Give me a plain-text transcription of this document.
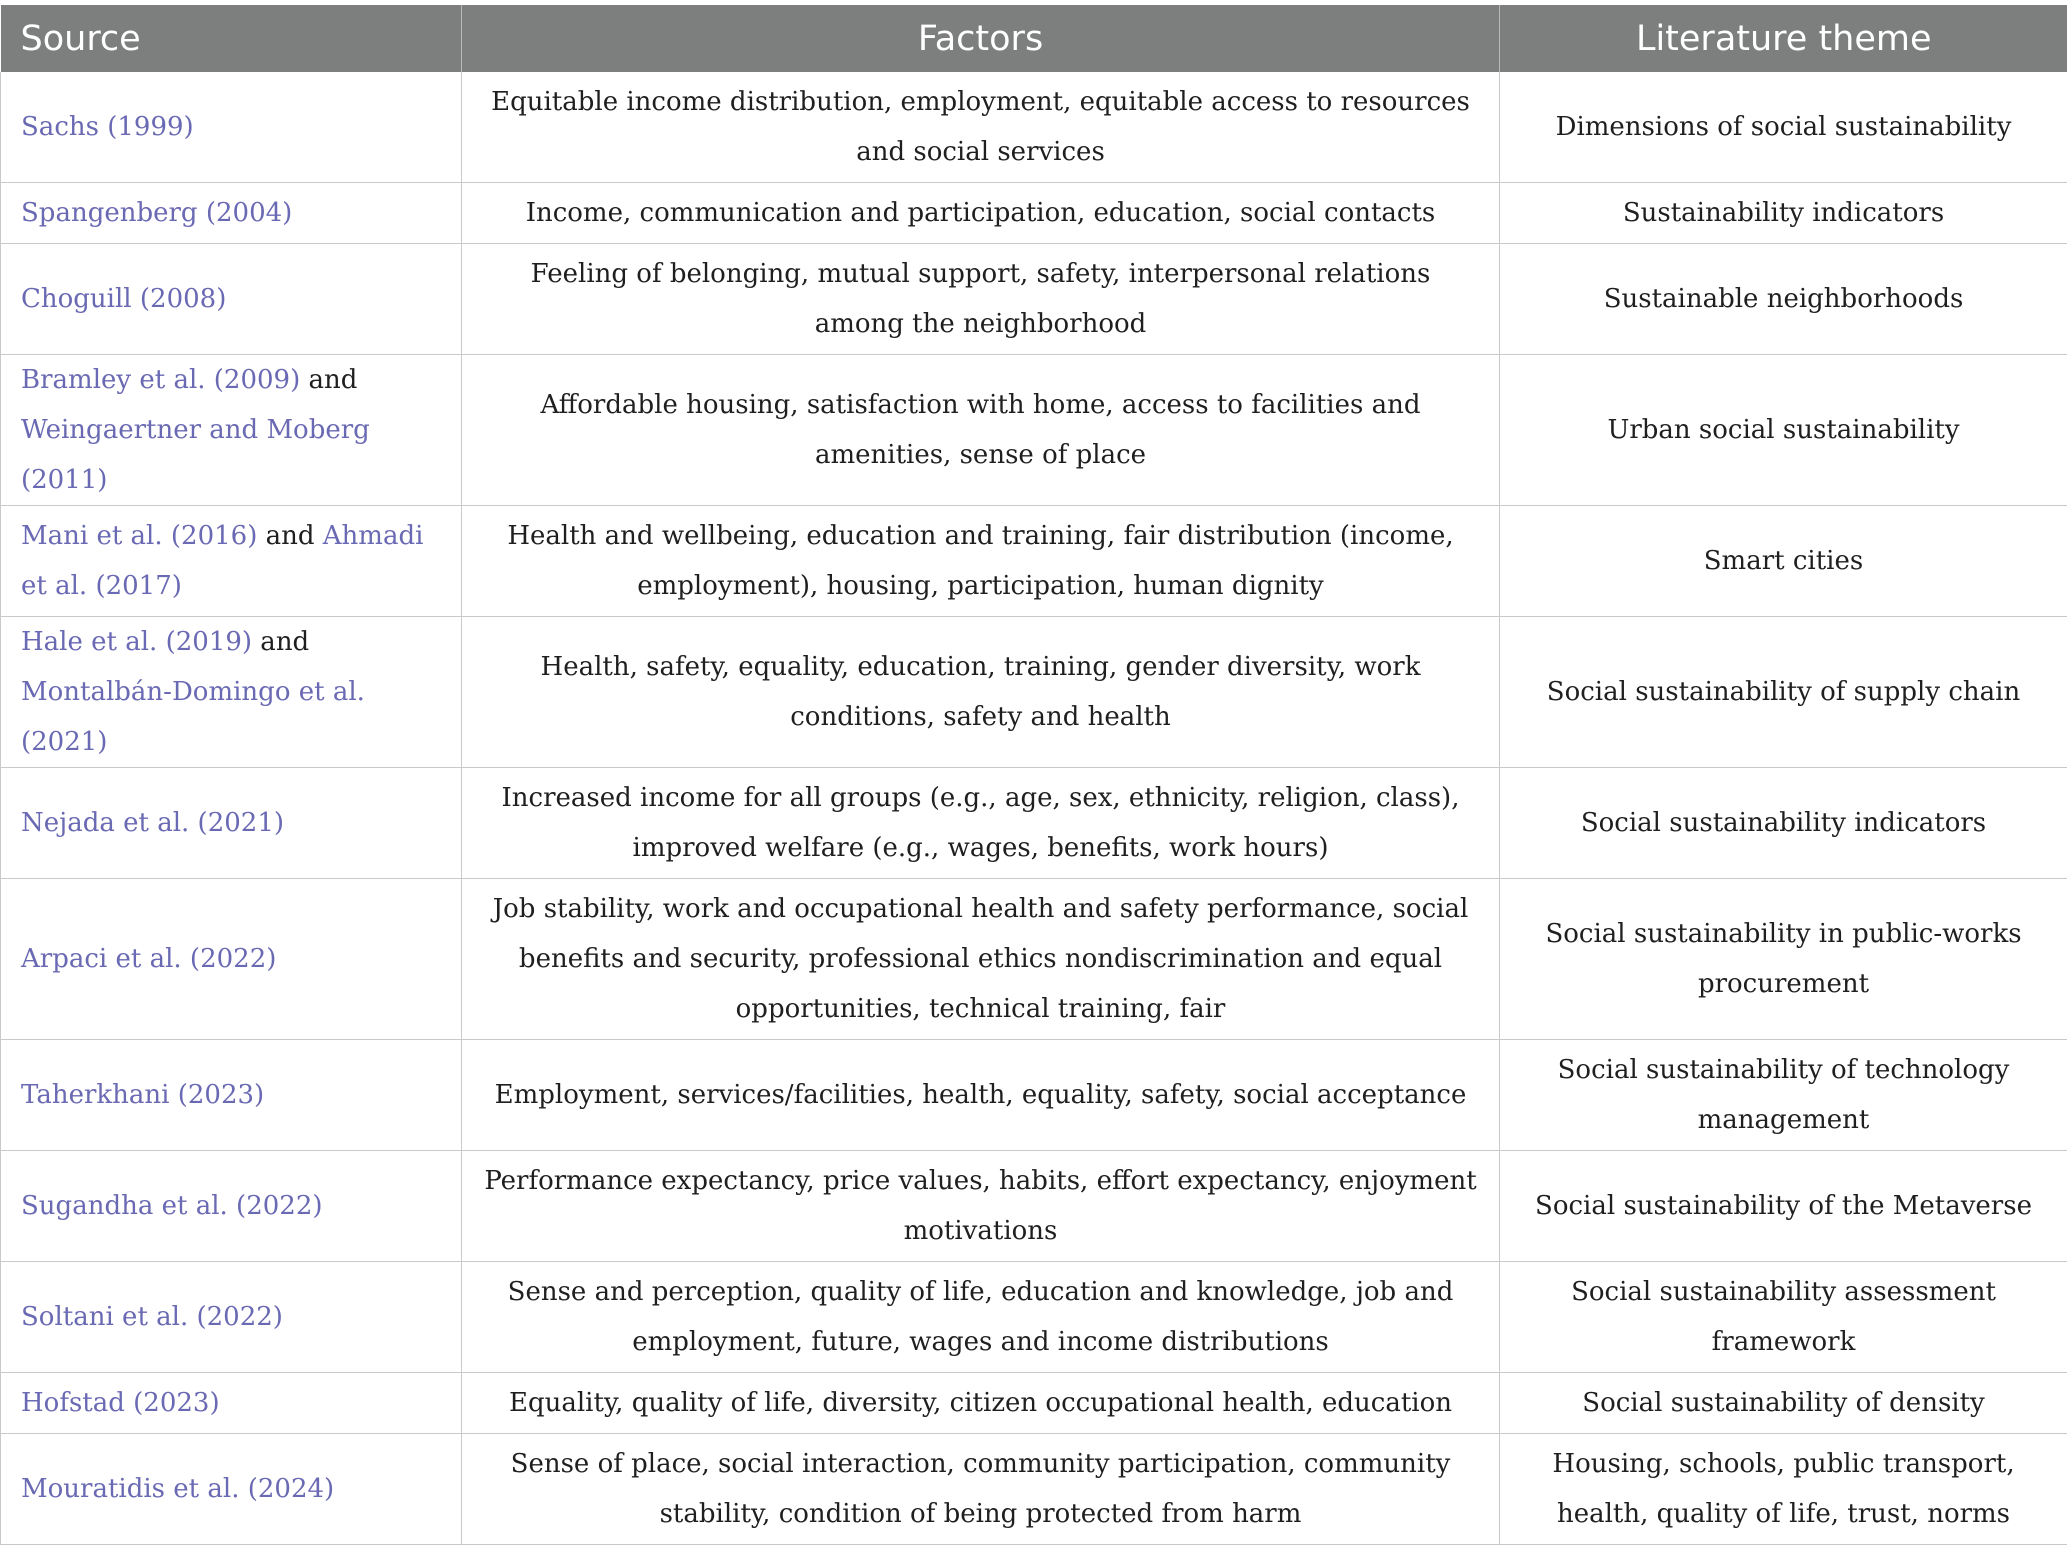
Source	Factors	Literature theme
Sachs (1999)	Equitable income distribution, employment, equitable access to resources and social services	Dimensions of social sustainability
Spangenberg (2004)	Income, communication and participation, education, social contacts	Sustainability indicators
Choguill (2008)	Feeling of belonging, mutual support, safety, interpersonal relations among the neighborhood	Sustainable neighborhoods
Bramley et al. (2009) and Weingaertner and Moberg (2011)	Affordable housing, satisfaction with home, access to facilities and amenities, sense of place	Urban social sustainability
Mani et al. (2016) and Ahmadi et al. (2017)	Health and wellbeing, education and training, fair distribution (income, employment), housing, participation, human dignity	Smart cities
Hale et al. (2019) and Montalbán-Domingo et al. (2021)	Health, safety, equality, education, training, gender diversity, work conditions, safety and health	Social sustainability of supply chain
Nejada et al. (2021)	Increased income for all groups (e.g., age, sex, ethnicity, religion, class), improved welfare (e.g., wages, benefits, work hours)	Social sustainability indicators
Arpaci et al. (2022)	Job stability, work and occupational health and safety performance, social benefits and security, professional ethics nondiscrimination and equal opportunities, technical training, fair	Social sustainability in public-works procurement
Taherkhani (2023)	Employment, services/facilities, health, equality, safety, social acceptance	Social sustainability of technology management
Sugandha et al. (2022)	Performance expectancy, price values, habits, effort expectancy, enjoyment motivations	Social sustainability of the Metaverse
Soltani et al. (2022)	Sense and perception, quality of life, education and knowledge, job and employment, future, wages and income distributions	Social sustainability assessment framework
Hofstad (2023)	Equality, quality of life, diversity, citizen occupational health, education	Social sustainability of density
Mouratidis et al. (2024)	Sense of place, social interaction, community participation, community stability, condition of being protected from harm	Housing, schools, public transport, health, quality of life, trust, norms
